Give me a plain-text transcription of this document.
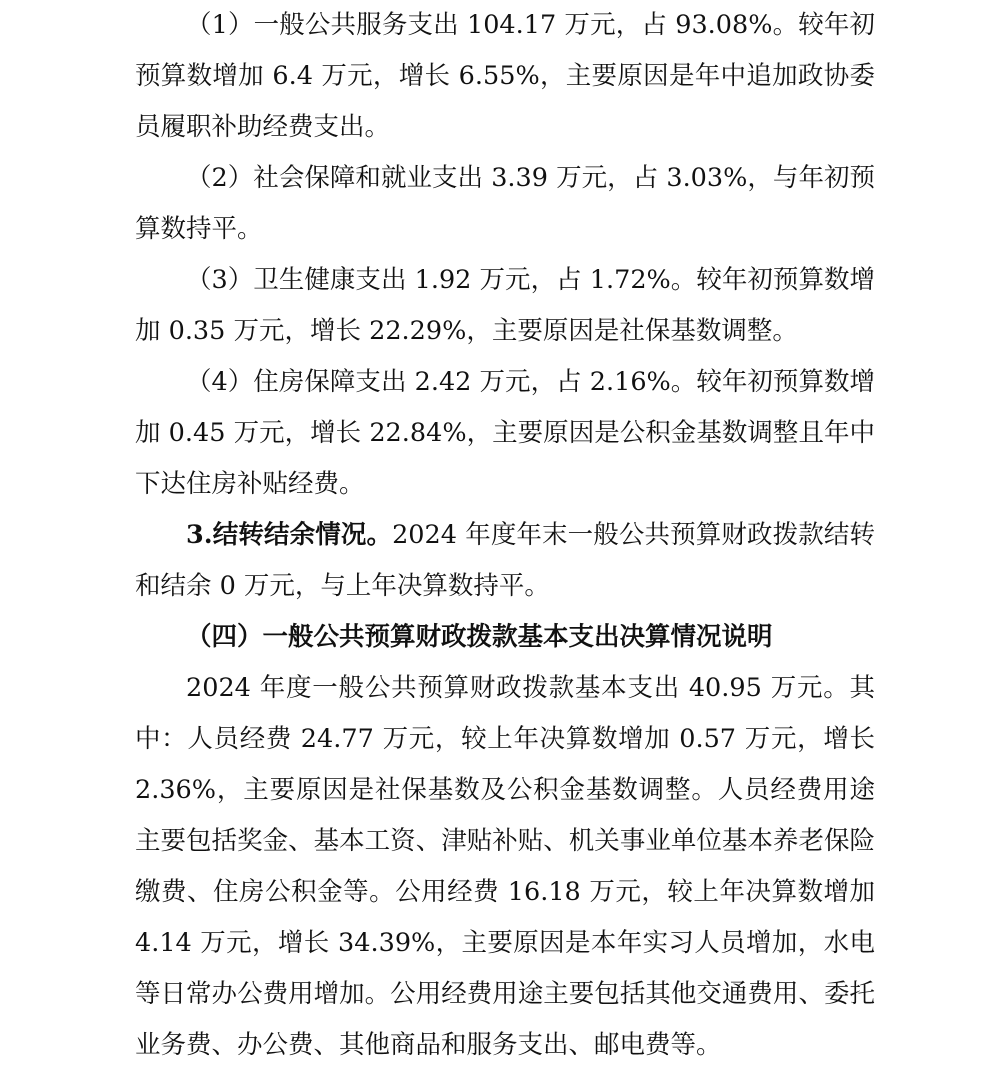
（1）一般公共服务支出 104.17 万元，占 93.08%。较年初预算数增加 6.4 万元，增长 6.55%，主要原因是年中追加政协委员履职补助经费支出。

（2）社会保障和就业支出 3.39 万元，占 3.03%，与年初预算数持平。

（3）卫生健康支出 1.92 万元，占 1.72%。较年初预算数增加 0.35 万元，增长 22.29%，主要原因是社保基数调整。

（4）住房保障支出 2.42 万元，占 2.16%。较年初预算数增加 0.45 万元，增长 22.84%，主要原因是公积金基数调整且年中下达住房补贴经费。

3.结转结余情况。2024 年度年末一般公共预算财政拨款结转和结余 0 万元，与上年决算数持平。

（四）一般公共预算财政拨款基本支出决算情况说明

2024 年度一般公共预算财政拨款基本支出 40.95 万元。其中：人员经费 24.77 万元，较上年决算数增加 0.57 万元，增长 2.36%，主要原因是社保基数及公积金基数调整。人员经费用途主要包括奖金、基本工资、津贴补贴、机关事业单位基本养老保险缴费、住房公积金等。公用经费 16.18 万元，较上年决算数增加 4.14 万元，增长 34.39%，主要原因是本年实习人员增加，水电等日常办公费用增加。公用经费用途主要包括其他交通费用、委托业务费、办公费、其他商品和服务支出、邮电费等。
